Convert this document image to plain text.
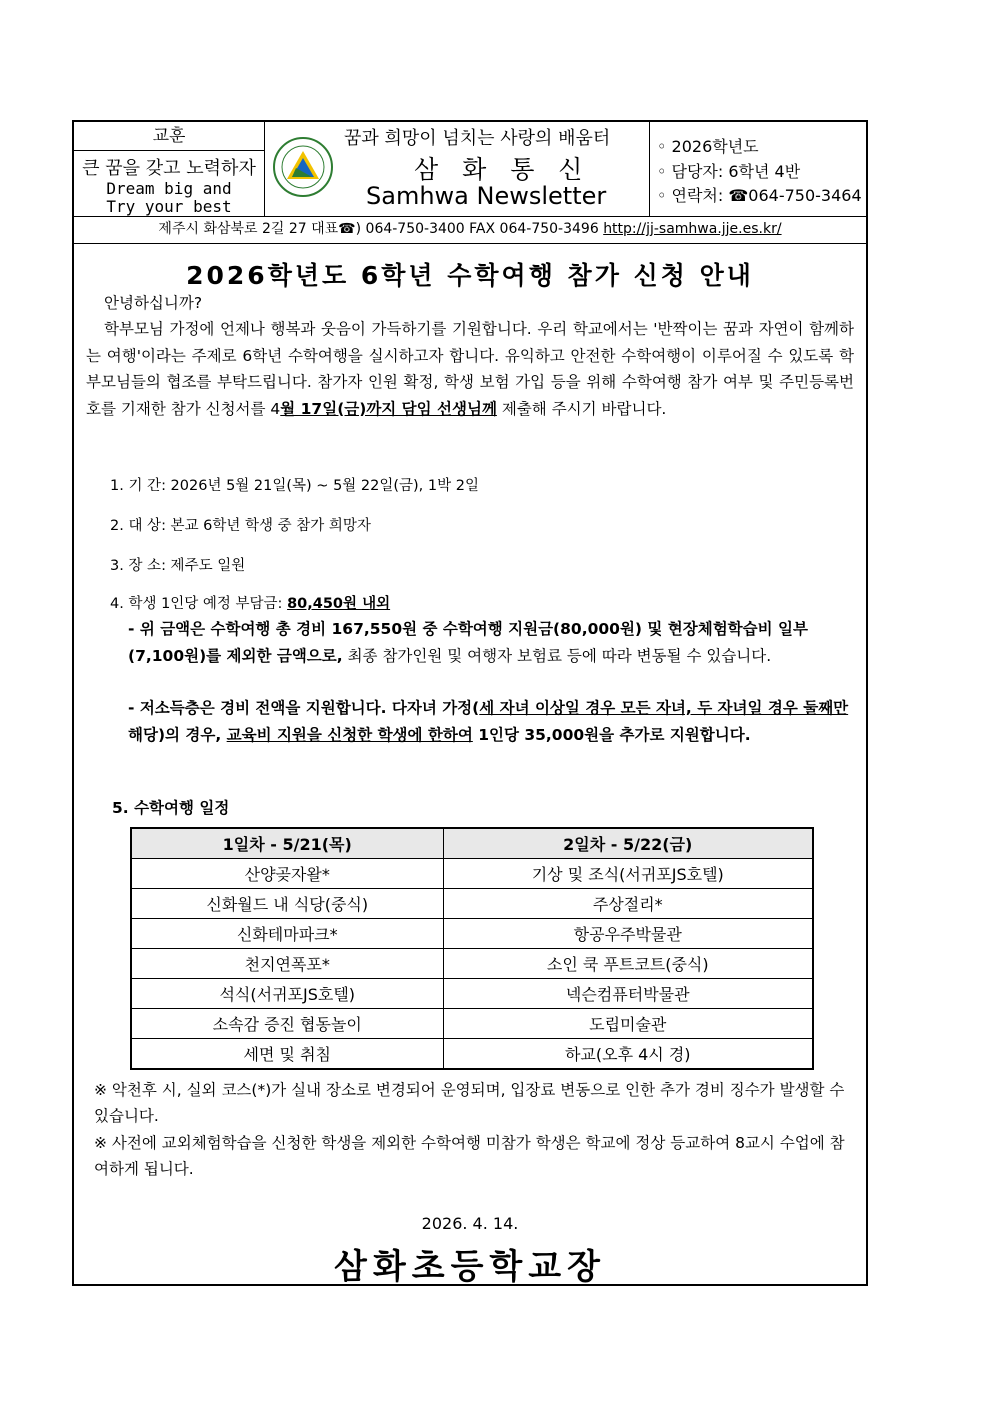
교훈
큰 꿈을 갖고 노력하자
Dream big and
Try your best
꿈과 희망이 넘치는 사랑의 배움터
삼 화 통 신
Samhwa Newsletter
◦ 2026학년도
◦ 담당자: 6학년 4반
◦ 연락처: ☎064-750-3464
제주시 화삼북로 2길 27 대표☎) 064-750-3400 FAX 064-750-3496 http://jj-samhwa.jje.es.kr/
2026학년도 6학년 수학여행 참가 신청 안내
안녕하십니까?
학부모님 가정에 언제나 행복과 웃음이 가득하기를 기원합니다. 우리 학교에서는 '반짝이는 꿈과 자연이 함께하는 여행'이라는 주제로 6학년 수학여행을 실시하고자 합니다. 유익하고 안전한 수학여행이 이루어질 수 있도록 학부모님들의 협조를 부탁드립니다. 참가자 인원 확정, 학생 보험 가입 등을 위해 수학여행 참가 여부 및 주민등록번호를 기재한 참가 신청서를 4월 17일(금)까지 담임 선생님께 제출해 주시기 바랍니다.
1. 기 간: 2026년 5월 21일(목) ~ 5월 22일(금), 1박 2일
2. 대 상: 본교 6학년 학생 중 참가 희망자
3. 장 소: 제주도 일원
4. 학생 1인당 예정 부담금: 80,450원 내외
- 위 금액은 수학여행 총 경비 167,550원 중 수학여행 지원금(80,000원) 및 현장체험학습비 일부(7,100원)를 제외한 금액으로, 최종 참가인원 및 여행자 보험료 등에 따라 변동될 수 있습니다.
- 저소득층은 경비 전액을 지원합니다. 다자녀 가정(세 자녀 이상일 경우 모든 자녀, 두 자녀일 경우 둘째만 해당)의 경우, 교육비 지원을 신청한 학생에 한하여 1인당 35,000원을 추가로 지원합니다.
5. 수학여행 일정
1일차 - 5/21(목)	2일차 - 5/22(금)
산양곶자왈*	기상 및 조식(서귀포JS호텔)
신화월드 내 식당(중식)	주상절리*
신화테마파크*	항공우주박물관
천지연폭포*	소인 쿡 푸트코트(중식)
석식(서귀포JS호텔)	넥슨컴퓨터박물관
소속감 증진 협동놀이	도립미술관
세면 및 취침	하교(오후 4시 경)
※ 악천후 시, 실외 코스(*)가 실내 장소로 변경되어 운영되며, 입장료 변동으로 인한 추가 경비 징수가 발생할 수 있습니다.
※ 사전에 교외체험학습을 신청한 학생을 제외한 수학여행 미참가 학생은 학교에 정상 등교하여 8교시 수업에 참여하게 됩니다.
2026. 4. 14.
삼화초등학교장
